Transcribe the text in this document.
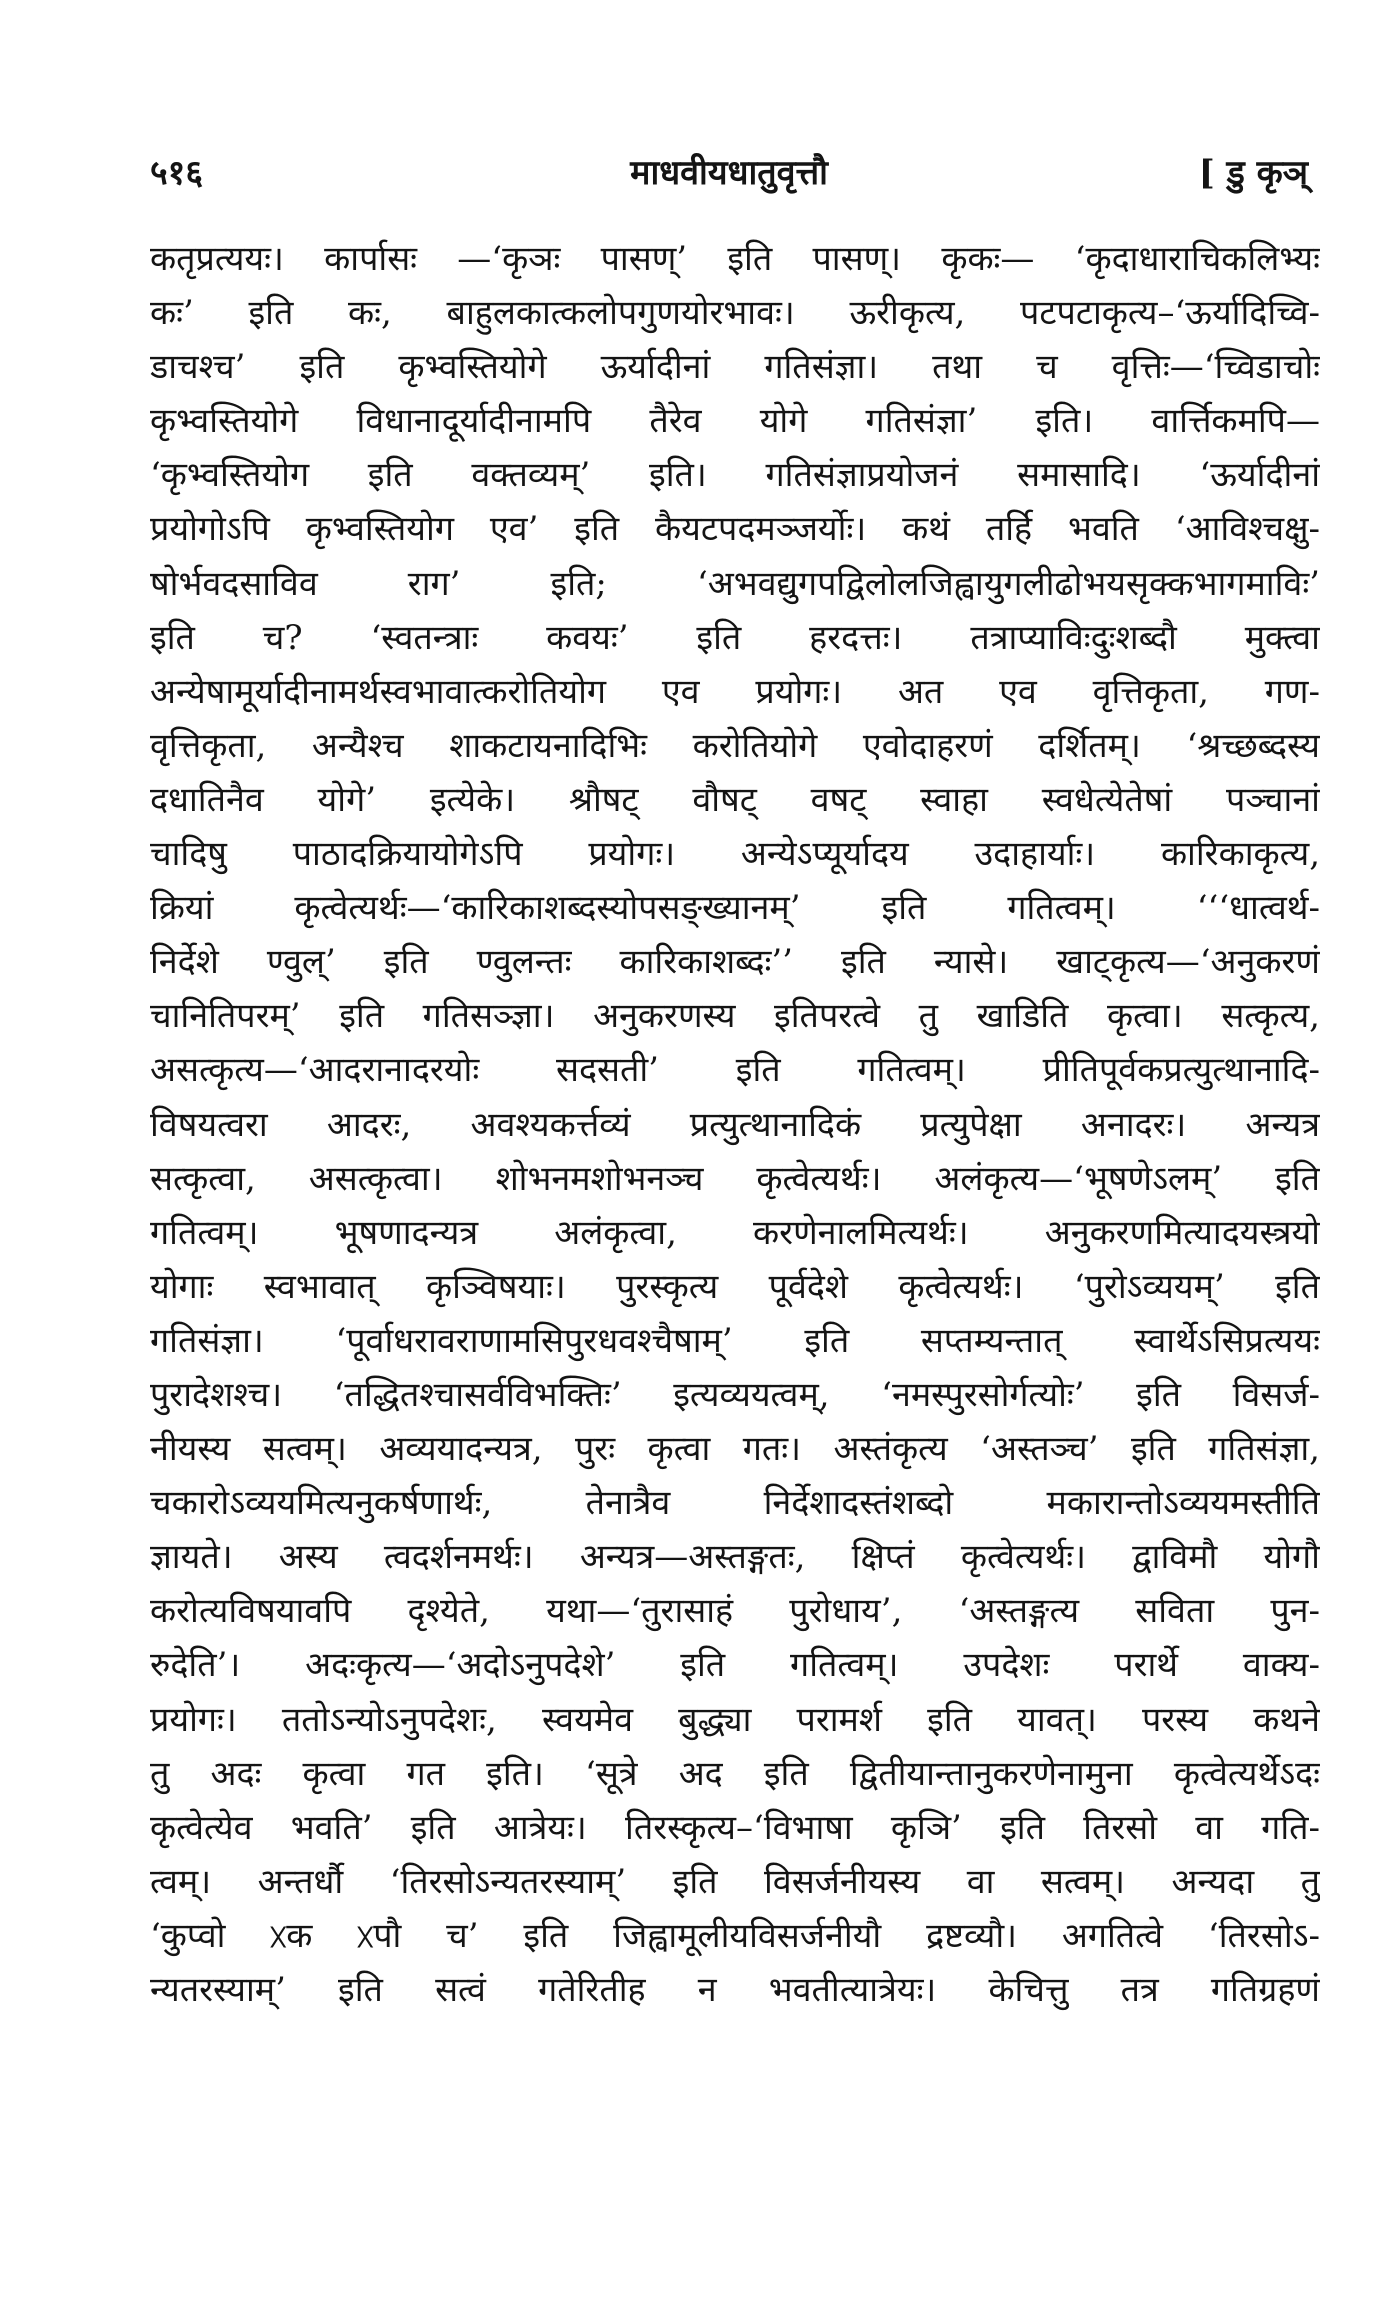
५१६	माधवीयधातुवृत्तौ	[ डु कृञ्
कतृप्रत्ययः। कार्पासः —‘कृञः पासण्’ इति पासण्। कृकः— ‘कृदाधाराचिकलिभ्यः
कः’ इति कः, बाहुलकात्कलोपगुणयोरभावः। ऊरीकृत्य, पटपटाकृत्य–‘ऊर्यादिच्वि-
डाचश्च’ इति कृभ्वस्तियोगे ऊर्यादीनां गतिसंज्ञा। तथा च वृत्तिः—‘च्विडाचोः
कृभ्वस्तियोगे विधानादूर्यादीनामपि तैरेव योगे गतिसंज्ञा’ इति। वार्त्तिकमपि—
‘कृभ्वस्तियोग इति वक्तव्यम्’ इति। गतिसंज्ञाप्रयोजनं समासादि। ‘ऊर्यादीनां
प्रयोगोऽपि कृभ्वस्तियोग एव’ इति कैयटपदमञ्जर्योः। कथं तर्हि भवति ‘आविश्चक्षु-
षोर्भवदसाविव राग’ इति; ‘अभवद्युगपद्विलोलजिह्वायुगलीढोभयसृक्कभागमाविः’
इति च? ‘स्वतन्त्राः कवयः’ इति हरदत्तः। तत्राप्याविःदुःशब्दौ मुक्त्वा
अन्येषामूर्यादीनामर्थस्वभावात्करोतियोग एव प्रयोगः। अत एव वृत्तिकृता, गण-
वृत्तिकृता, अन्यैश्च शाकटायनादिभिः करोतियोगे एवोदाहरणं दर्शितम्। ‘श्रच्छब्दस्य
दधातिनैव योगे’ इत्येके। श्रौषट् वौषट् वषट् स्वाहा स्वधेत्येतेषां पञ्चानां
चादिषु पाठादक्रियायोगेऽपि प्रयोगः। अन्येऽप्यूर्यादय उदाहार्याः। कारिकाकृत्य,
क्रियां कृत्वेत्यर्थः—‘कारिकाशब्दस्योपसङ्ख्यानम्’ इति गतित्वम्। ‘‘‘धात्वर्थ-
निर्देशे ण्वुल्’ इति ण्वुलन्तः कारिकाशब्दः’’ इति न्यासे। खाट्कृत्य—‘अनुकरणं
चानितिपरम्’ इति गतिसञ्ज्ञा। अनुकरणस्य इतिपरत्वे तु खाडिति कृत्वा। सत्कृत्य,
असत्कृत्य—‘आदरानादरयोः सदसती’ इति गतित्वम्। प्रीतिपूर्वकप्रत्युत्थानादि-
विषयत्वरा आदरः, अवश्यकर्त्तव्यं प्रत्युत्थानादिकं प्रत्युपेक्षा अनादरः। अन्यत्र
सत्कृत्वा, असत्कृत्वा। शोभनमशोभनञ्च कृत्वेत्यर्थः। अलंकृत्य—‘भूषणेऽलम्’ इति
गतित्वम्। भूषणादन्यत्र अलंकृत्वा, करणेनालमित्यर्थः। अनुकरणमित्यादयस्त्रयो
योगाः स्वभावात् कृञ्विषयाः। पुरस्कृत्य पूर्वदेशे कृत्वेत्यर्थः। ‘पुरोऽव्ययम्’ इति
गतिसंज्ञा। ‘पूर्वाधरावराणामसिपुरधवश्चैषाम्’ इति सप्तम्यन्तात् स्वार्थेऽसिप्रत्ययः
पुरादेशश्च। ‘तद्धितश्चासर्वविभक्तिः’ इत्यव्ययत्वम्, ‘नमस्पुरसोर्गत्योः’ इति विसर्ज-
नीयस्य सत्वम्। अव्ययादन्यत्र, पुरः कृत्वा गतः। अस्तंकृत्य ‘अस्तञ्च’ इति गतिसंज्ञा,
चकारोऽव्ययमित्यनुकर्षणार्थः, तेनात्रैव निर्देशादस्तंशब्दो मकारान्तोऽव्ययमस्तीति
ज्ञायते। अस्य त्वदर्शनमर्थः। अन्यत्र—अस्तङ्गतः, क्षिप्तं कृत्वेत्यर्थः। द्वाविमौ योगौ
करोत्यविषयावपि दृश्येते, यथा—‘तुरासाहं पुरोधाय’, ‘अस्तङ्गत्य सविता पुन-
रुदेति’। अदःकृत्य—‘अदोऽनुपदेशे’ इति गतित्वम्। उपदेशः परार्थे वाक्य-
प्रयोगः। ततोऽन्योऽनुपदेशः, स्वयमेव बुद्ध्या परामर्श इति यावत्। परस्य कथने
तु अदः कृत्वा गत इति। ‘सूत्रे अद इति द्वितीयान्तानुकरणेनामुना कृत्वेत्यर्थेऽदः
कृत्वेत्येव भवति’ इति आत्रेयः। तिरस्कृत्य–‘विभाषा कृञि’ इति तिरसो वा गति-
त्वम्। अन्तर्धौ ‘तिरसोऽन्यतरस्याम्’ इति विसर्जनीयस्य वा सत्वम्। अन्यदा तु
‘कुप्वो ᳵक ᳵपौ च’ इति जिह्वामूलीयविसर्जनीयौ द्रष्टव्यौ। अगतित्वे ‘तिरसोऽ-
न्यतरस्याम्’ इति सत्वं गतेरितीह न भवतीत्यात्रेयः। केचित्तु तत्र गतिग्रहणं
